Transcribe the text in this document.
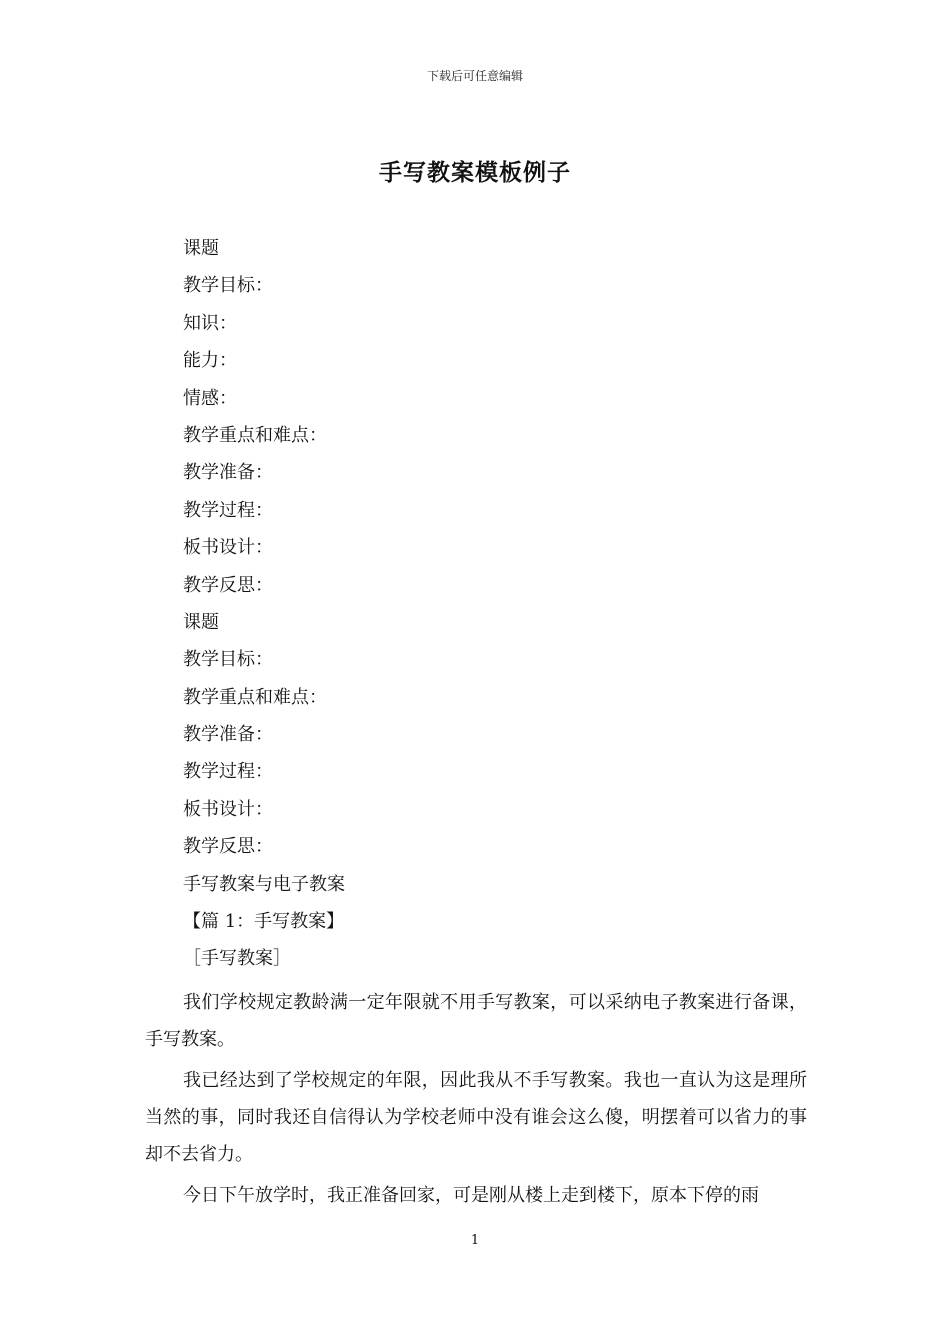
下载后可任意编辑
手写教案模板例子
课题
教学目标：
知识：
能力：
情感：
教学重点和难点：
教学准备：
教学过程：
板书设计：
教学反思：
课题
教学目标：
教学重点和难点：
教学准备：
教学过程：
板书设计：
教学反思：
手写教案与电子教案
【篇 1：手写教案】
［手写教案］

我们学校规定教龄满一定年限就不用手写教案，可以采纳电子教案进行备课，手写教案。

我已经达到了学校规定的年限，因此我从不手写教案。我也一直认为这是理所当然的事，同时我还自信得认为学校老师中没有谁会这么傻，明摆着可以省力的事却不去省力。

今日下午放学时，我正准备回家，可是刚从楼上走到楼下，原本下停的雨

1
